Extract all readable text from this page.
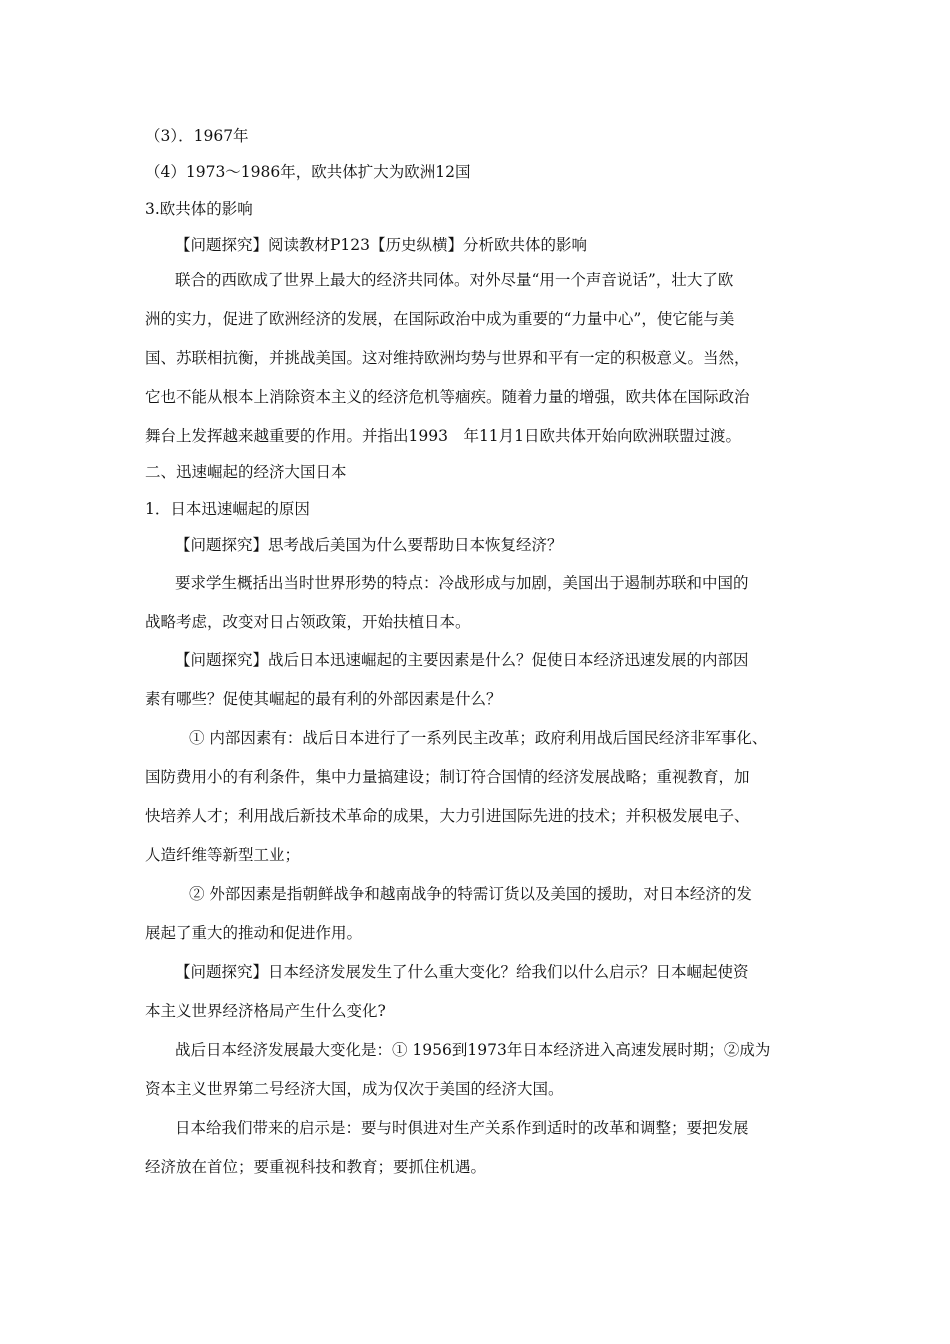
（3）．1967年
（4）1973～1986年，欧共体扩大为欧洲12国
3.欧共体的影响
【问题探究】阅读教材P123【历史纵横】分析欧共体的影响
联合的西欧成了世界上最大的经济共同体。对外尽量“用一个声音说话”，壮大了欧
洲的实力，促进了欧洲经济的发展，在国际政治中成为重要的“力量中心”，使它能与美
国、苏联相抗衡，并挑战美国。这对维持欧洲均势与世界和平有一定的积极意义。当然，
它也不能从根本上消除资本主义的经济危机等痼疾。随着力量的增强，欧共体在国际政治
舞台上发挥越来越重要的作用。并指出1993　年11月1日欧共体开始向欧洲联盟过渡。
二、迅速崛起的经济大国日本
1．日本迅速崛起的原因
【问题探究】思考战后美国为什么要帮助日本恢复经济？
要求学生概括出当时世界形势的特点：冷战形成与加剧，美国出于遏制苏联和中国的
战略考虑，改变对日占领政策，开始扶植日本。
【问题探究】战后日本迅速崛起的主要因素是什么？促使日本经济迅速发展的内部因
素有哪些？促使其崛起的最有利的外部因素是什么？
① 内部因素有：战后日本进行了一系列民主改革；政府利用战后国民经济非军事化、
国防费用小的有利条件，集中力量搞建设；制订符合国情的经济发展战略；重视教育，加
快培养人才；利用战后新技术革命的成果，大力引进国际先进的技术；并积极发展电子、
人造纤维等新型工业；
② 外部因素是指朝鲜战争和越南战争的特需订货以及美国的援助，对日本经济的发
展起了重大的推动和促进作用。
【问题探究】日本经济发展发生了什么重大变化？给我们以什么启示？日本崛起使资
本主义世界经济格局产生什么变化?
战后日本经济发展最大变化是：① 1956到1973年日本经济进入高速发展时期；②成为
资本主义世界第二号经济大国，成为仅次于美国的经济大国。
日本给我们带来的启示是：要与时俱进对生产关系作到适时的改革和调整；要把发展
经济放在首位；要重视科技和教育；要抓住机遇。
